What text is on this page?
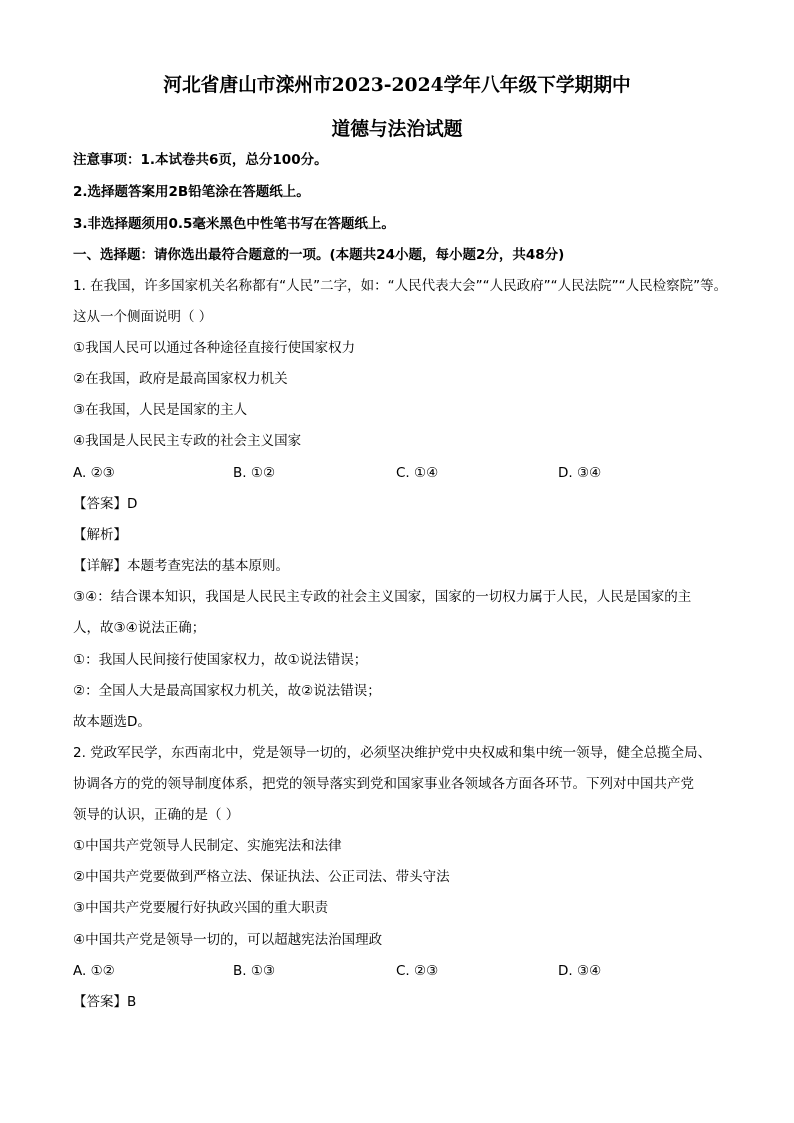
河北省唐山市滦州市2023-2024学年八年级下学期期中
道德与法治试题
注意事项：1.本试卷共6页，总分100分。
2.选择题答案用2B铅笔涂在答题纸上。
3.非选择题须用0.5毫米黑色中性笔书写在答题纸上。
一、选择题：请你选出最符合题意的一项。(本题共24小题，每小题2分，共48分)
1. 在我国，许多国家机关名称都有“人民”二字，如：“人民代表大会”“人民政府”“人民法院”“人民检察院”等。
这从一个侧面说明（ ）
①我国人民可以通过各种途径直接行使国家权力
②在我国，政府是最高国家权力机关
③在我国，人民是国家的主人
④我国是人民民主专政的社会主义国家
A. ②③	B. ①②	C. ①④	D. ③④
【答案】D
【解析】
【详解】本题考查宪法的基本原则。
③④：结合课本知识，我国是人民民主专政的社会主义国家，国家的一切权力属于人民，人民是国家的主
人，故③④说法正确；
①：我国人民间接行使国家权力，故①说法错误；
②：全国人大是最高国家权力机关，故②说法错误；
故本题选D。
2. 党政军民学，东西南北中，党是领导一切的，必须坚决维护党中央权威和集中统一领导，健全总揽全局、
协调各方的党的领导制度体系，把党的领导落实到党和国家事业各领域各方面各环节。下列对中国共产党
领导的认识，正确的是（ ）
①中国共产党领导人民制定、实施宪法和法律
②中国共产党要做到严格立法、保证执法、公正司法、带头守法
③中国共产党要履行好执政兴国的重大职责
④中国共产党是领导一切的，可以超越宪法治国理政
A. ①②	B. ①③	C. ②③	D. ③④
【答案】B
